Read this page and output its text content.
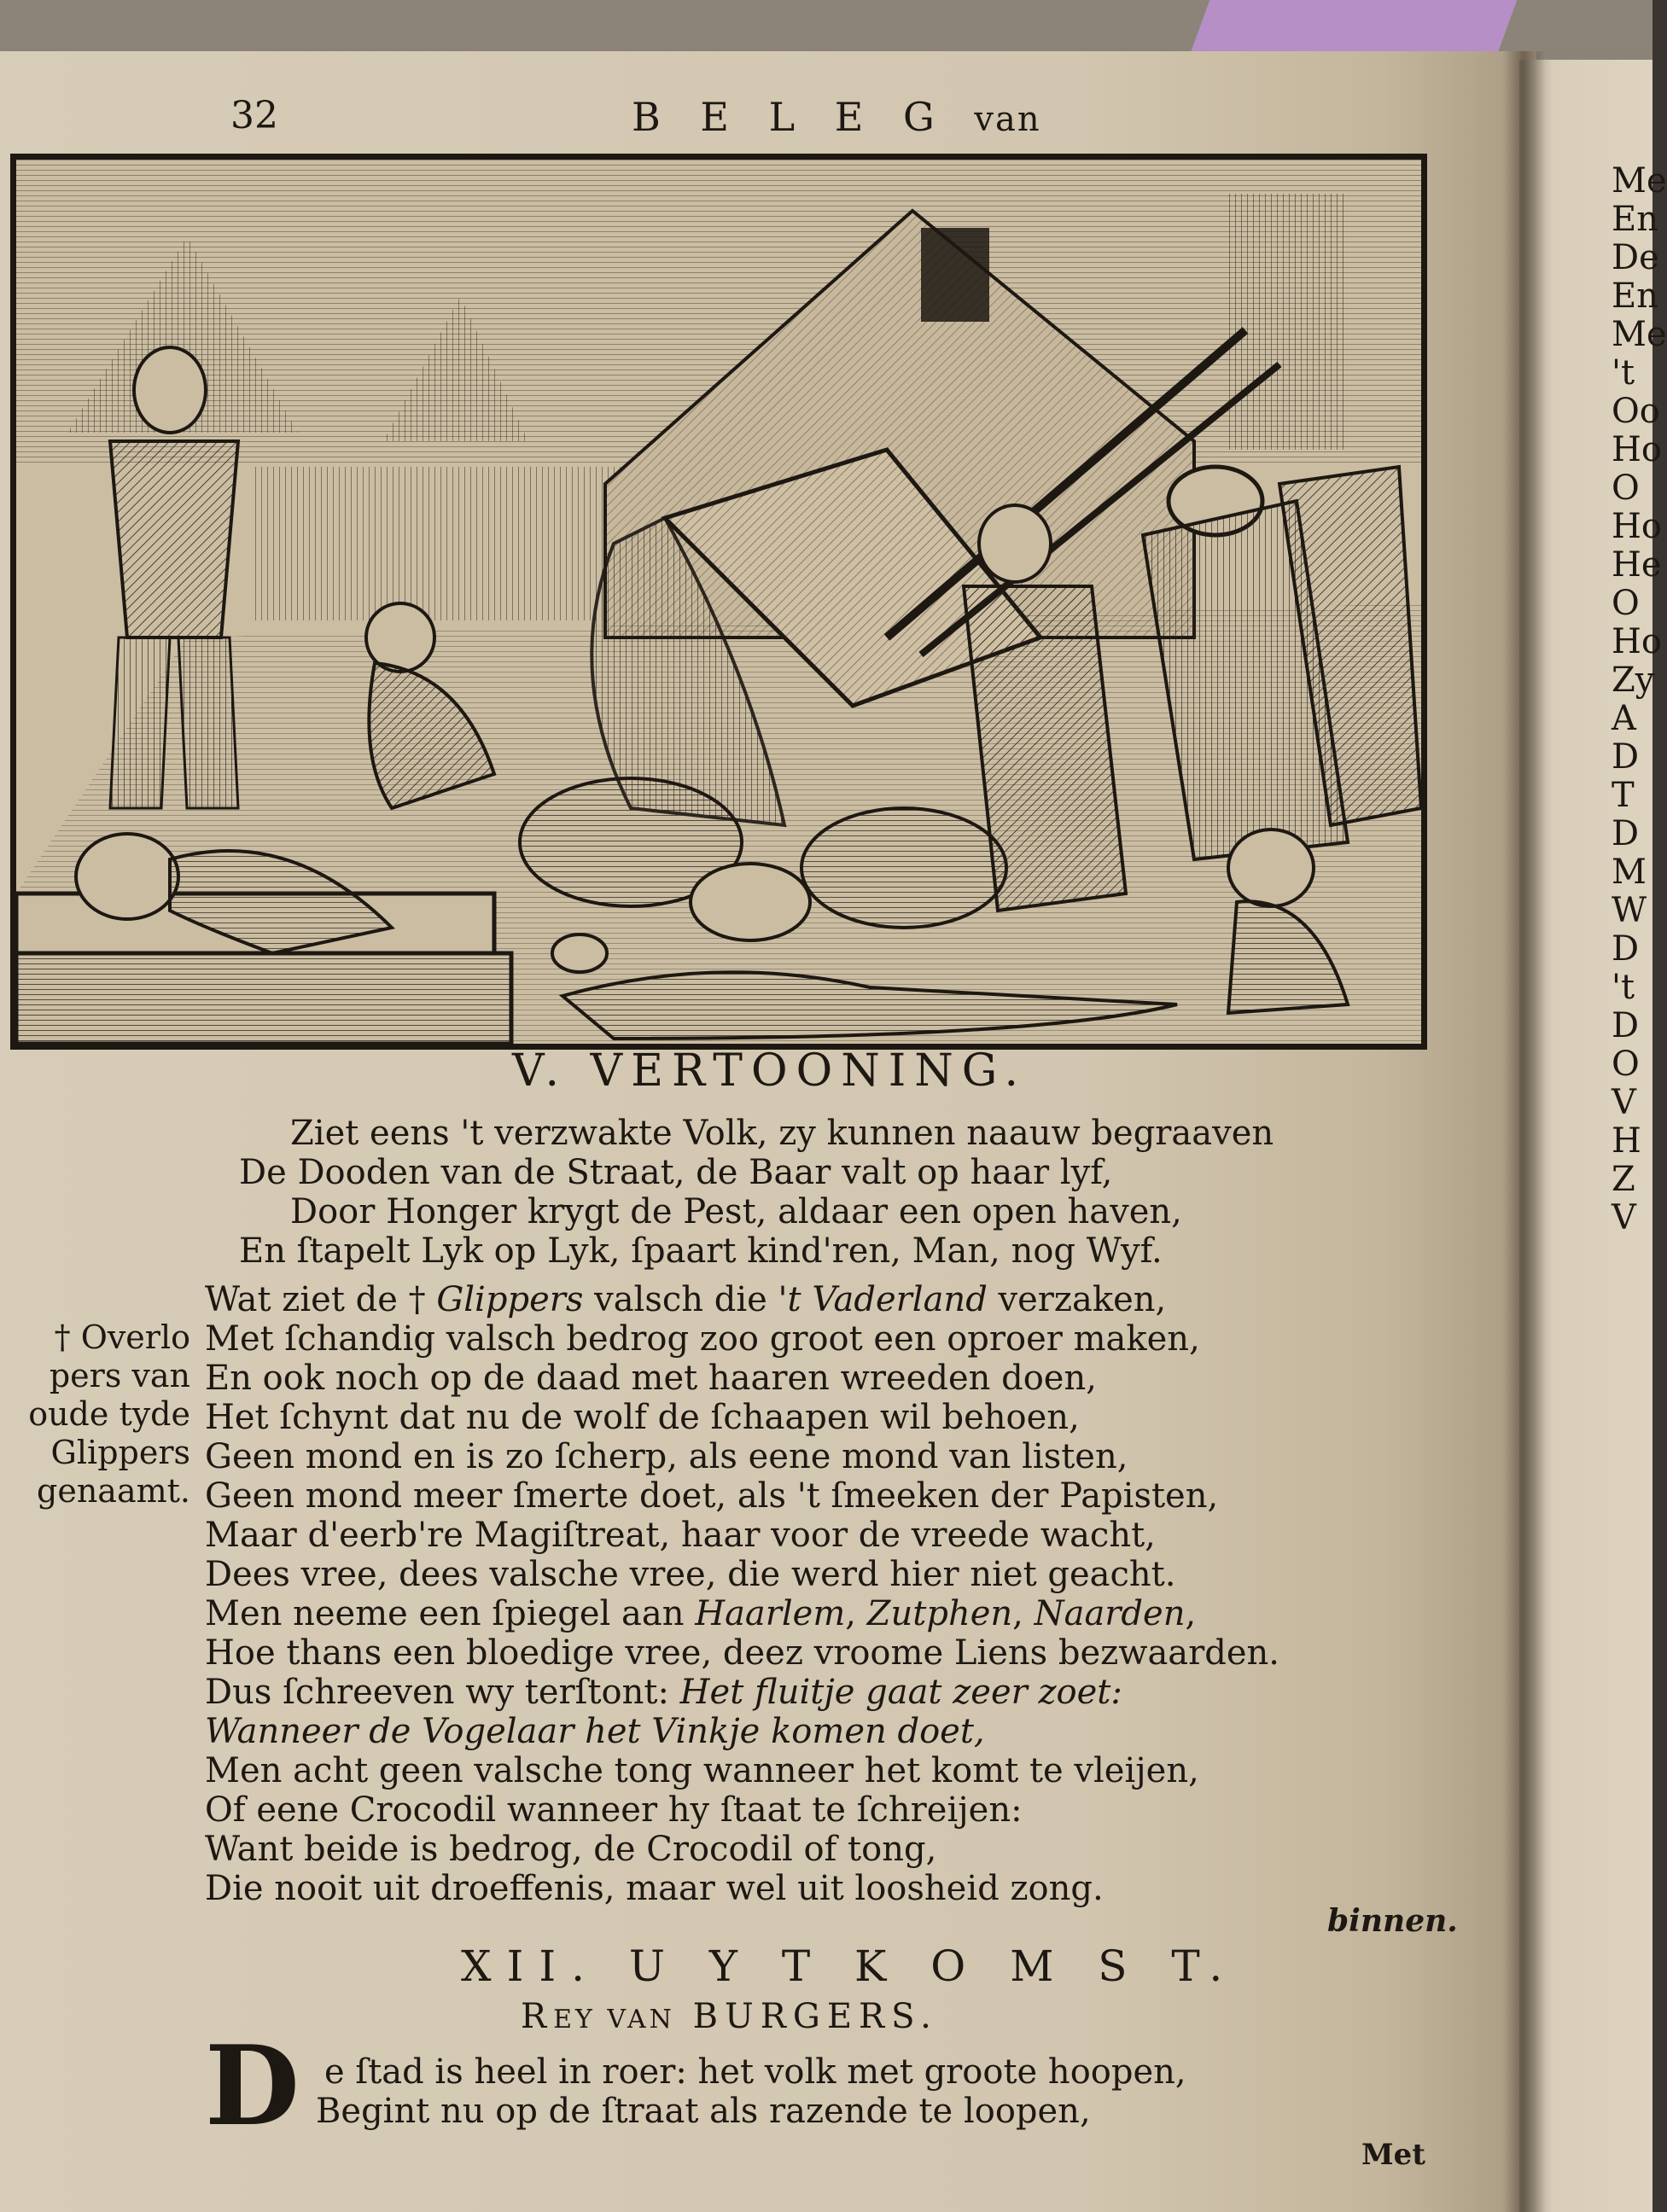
32	B E L E G van
V. VERTOONING.
Ziet eens 't verzwakte Volk, zy kunnen naauw begraaven
De Dooden van de Straat, de Baar valt op haar lyf,
Door Honger krygt de Pest, aldaar een open haven,
En ſtapelt Lyk op Lyk, ſpaart kind'ren, Man, nog Wyf.
Wat ziet de † Glippers valsch die 't Vaderland verzaken,
Met ſchandig valsch bedrog zoo groot een oproer maken,
En ook noch op de daad met haaren wreeden doen,
Het ſchynt dat nu de wolf de ſchaapen wil behoen,
Geen mond en is zo ſcherp, als eene mond van listen,
Geen mond meer ſmerte doet, als 't ſmeeken der Papisten,
Maar d'eerb're Magiſtreat, haar voor de vreede wacht,
Dees vree, dees valsche vree, die werd hier niet geacht.
Men neeme een ſpiegel aan Haarlem, Zutphen, Naarden,
Hoe thans een bloedige vree, deez vroome Liens bezwaarden.
Dus ſchreeven wy terſtont: Het fluitje gaat zeer zoet:
Wanneer de Vogelaar het Vinkje komen doet,
Men acht geen valsche tong wanneer het komt te vleijen,
Of eene Crocodil wanneer hy ſtaat te ſchreijen:
Want beide is bedrog, de Crocodil of tong,
Die nooit uit droeffenis, maar wel uit loosheid zong.
† Overlo
pers van
oude tyde
Glippers
genaamt.
binnen.
XII. U Y T K O M S T.
REY VAN BURGERS.
D e ſtad is heel in roer: het volk met groote hoopen,
Begint nu op de ſtraat als razende te loopen,
Met
Me
En
De
En
Me
't
Oo
Ho
O
Ho
He
O
Ho
Zy
A
D
T
D
M
W
D
't
D
O
V
H
Z
V
